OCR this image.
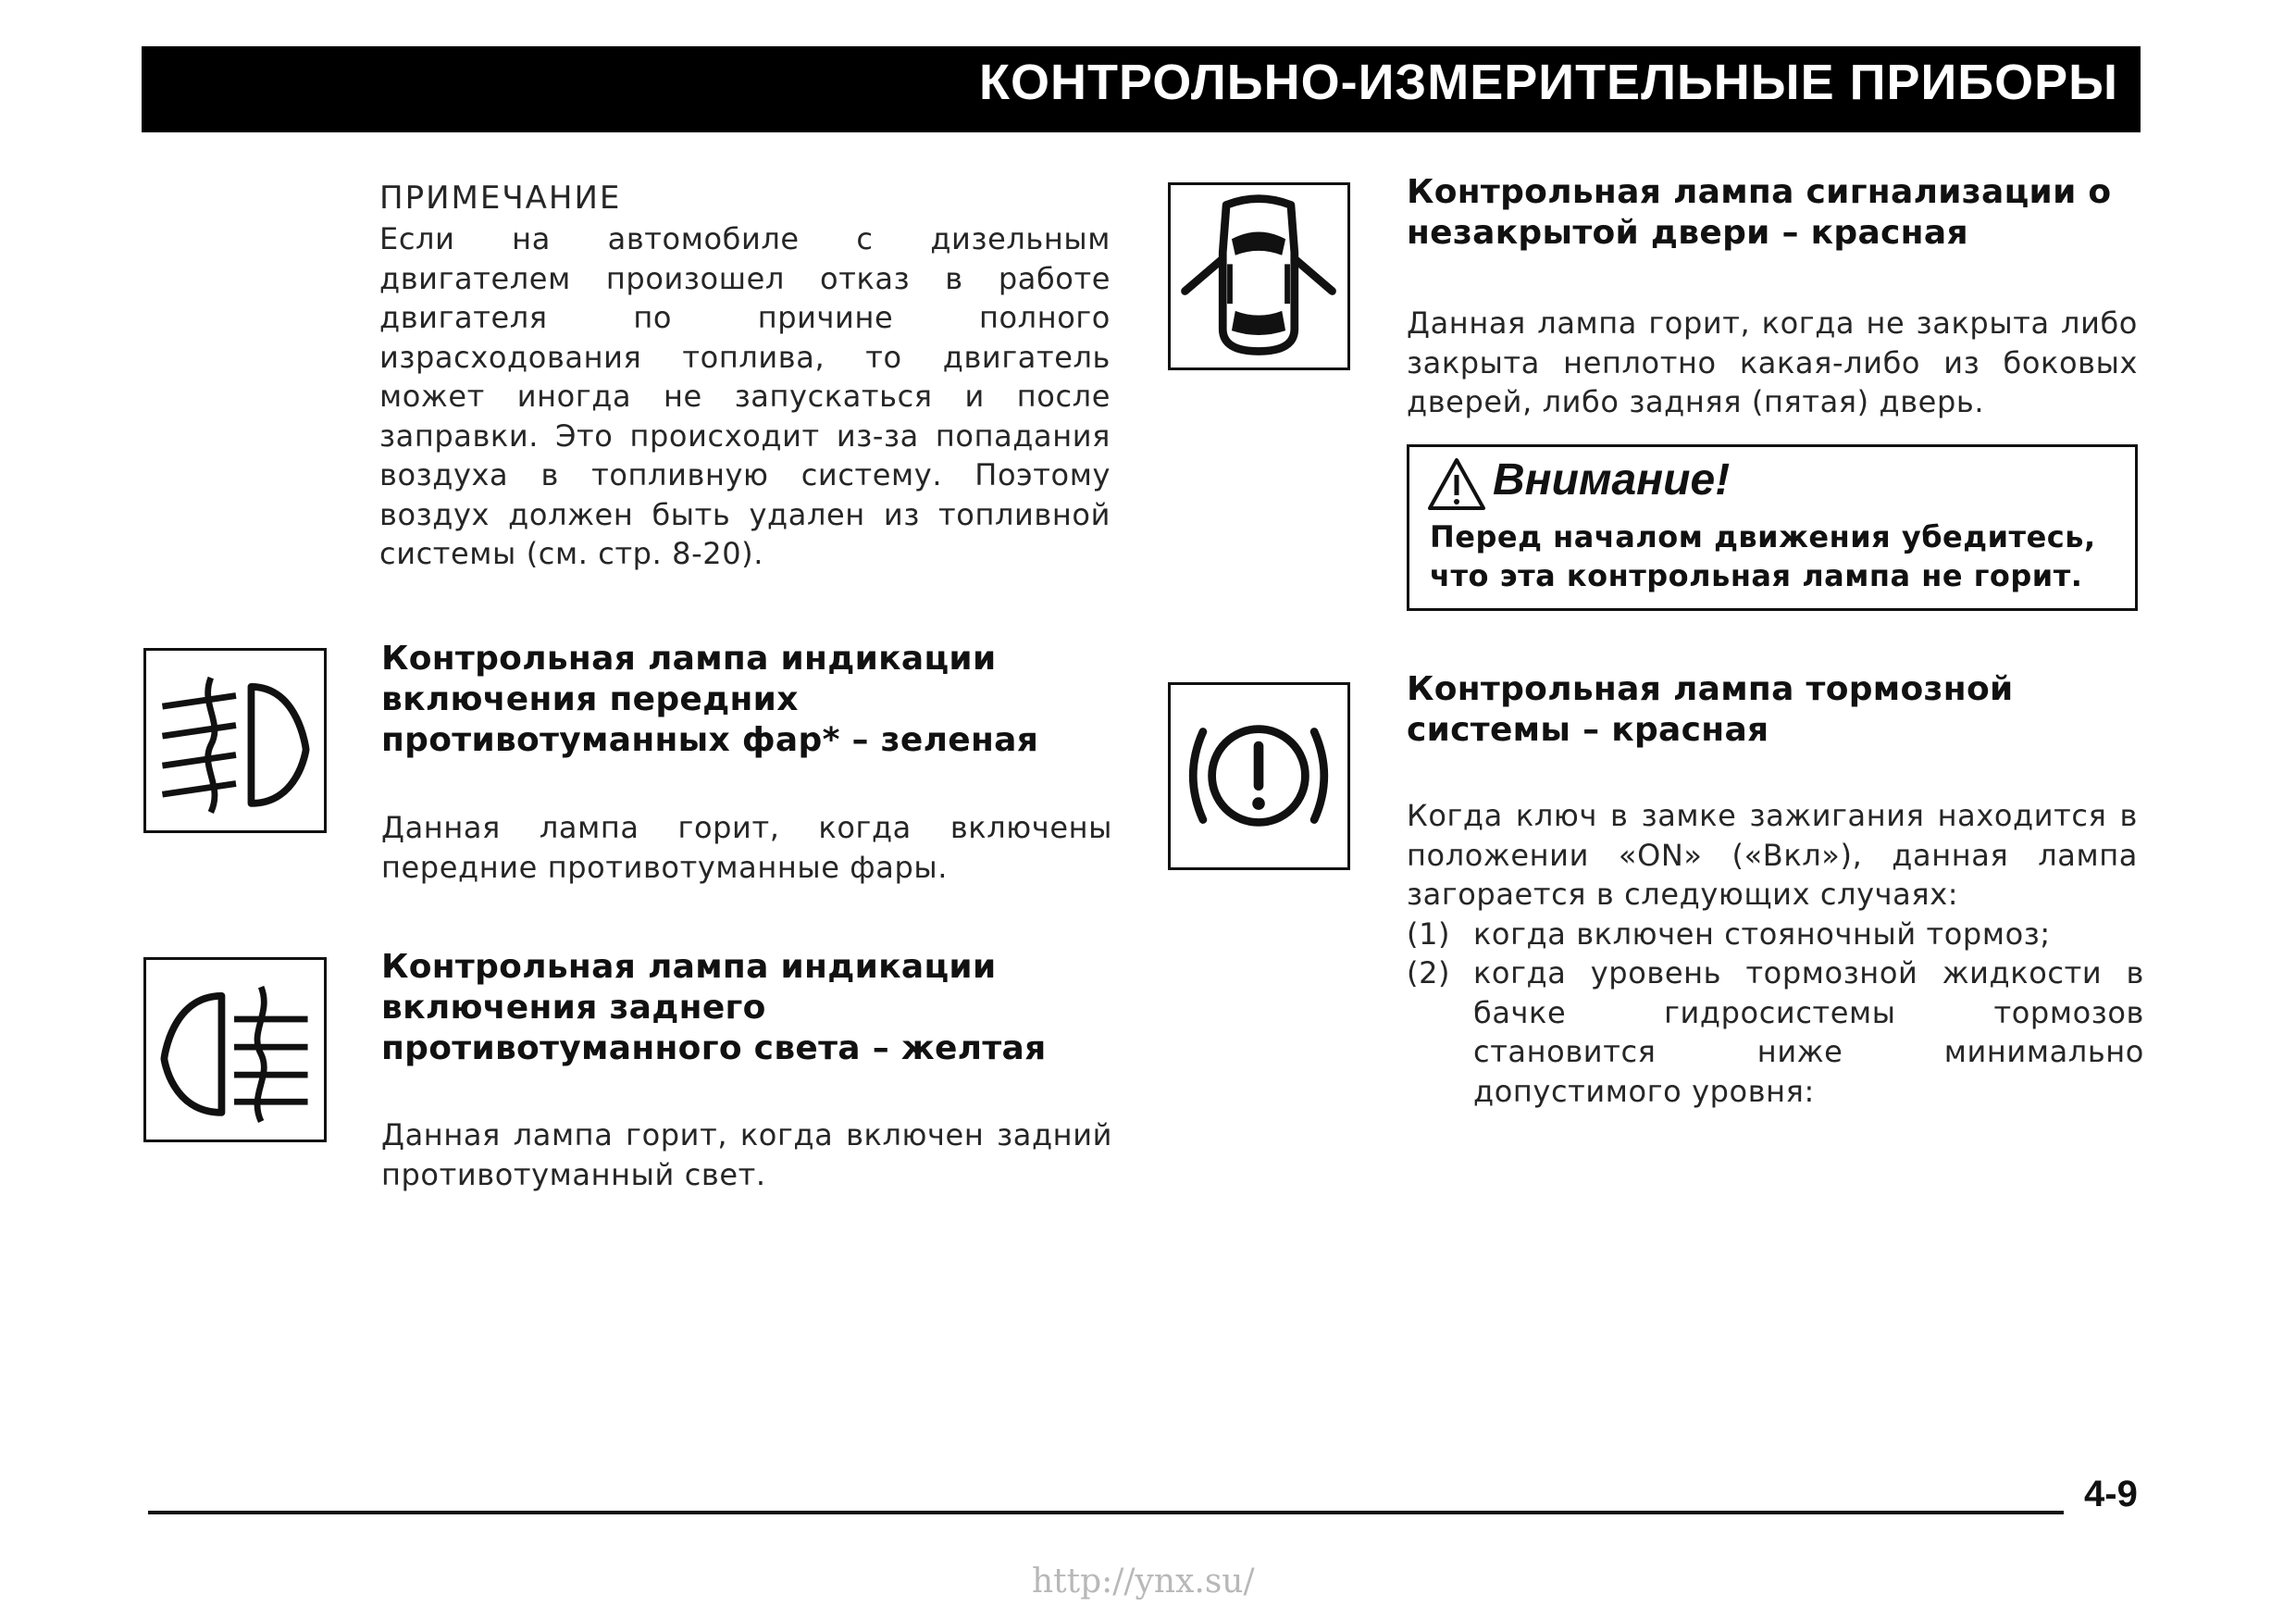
КОНТРОЛЬНО-ИЗМЕРИТЕЛЬНЫЕ ПРИБОРЫ
ПРИМЕЧАНИЕ
Если на автомобиле с дизельным двигателем произошел отказ в работе двигателя по причине полного израсходования топлива, то двигатель может иногда не запускаться и после заправки. Это происходит из-за попадания воздуха в топливную систему. Поэтому воздух должен быть удален из топливной системы (см. стр. 8-20).
Контрольная лампа индикации включения передних противотуманных фар* – зеленая
Данная лампа горит, когда включены передние противотуманные фары.
Контрольная лампа индикации включения заднего противотуманного света – желтая
Данная лампа горит, когда включен задний противотуманный свет.
Контрольная лампа сигнализации о незакрытой двери – красная
Данная лампа горит, когда не закрыта либо закрыта неплотно какая-либо из боковых дверей, либо задняя (пятая) дверь.
Внимание!
Перед началом движения убедитесь, что эта контрольная лампа не горит.
Контрольная лампа тормозной системы – красная
Когда ключ в замке зажигания находится в положении «ON» («Вкл»), данная лампа загорается в следующих случаях:
(1) когда включен стояночный тормоз;
(2) когда уровень тормозной жидкости в бачке гидросистемы тормозов становится ниже минимально допустимого уровня:
4-9
http://ynx.su/
